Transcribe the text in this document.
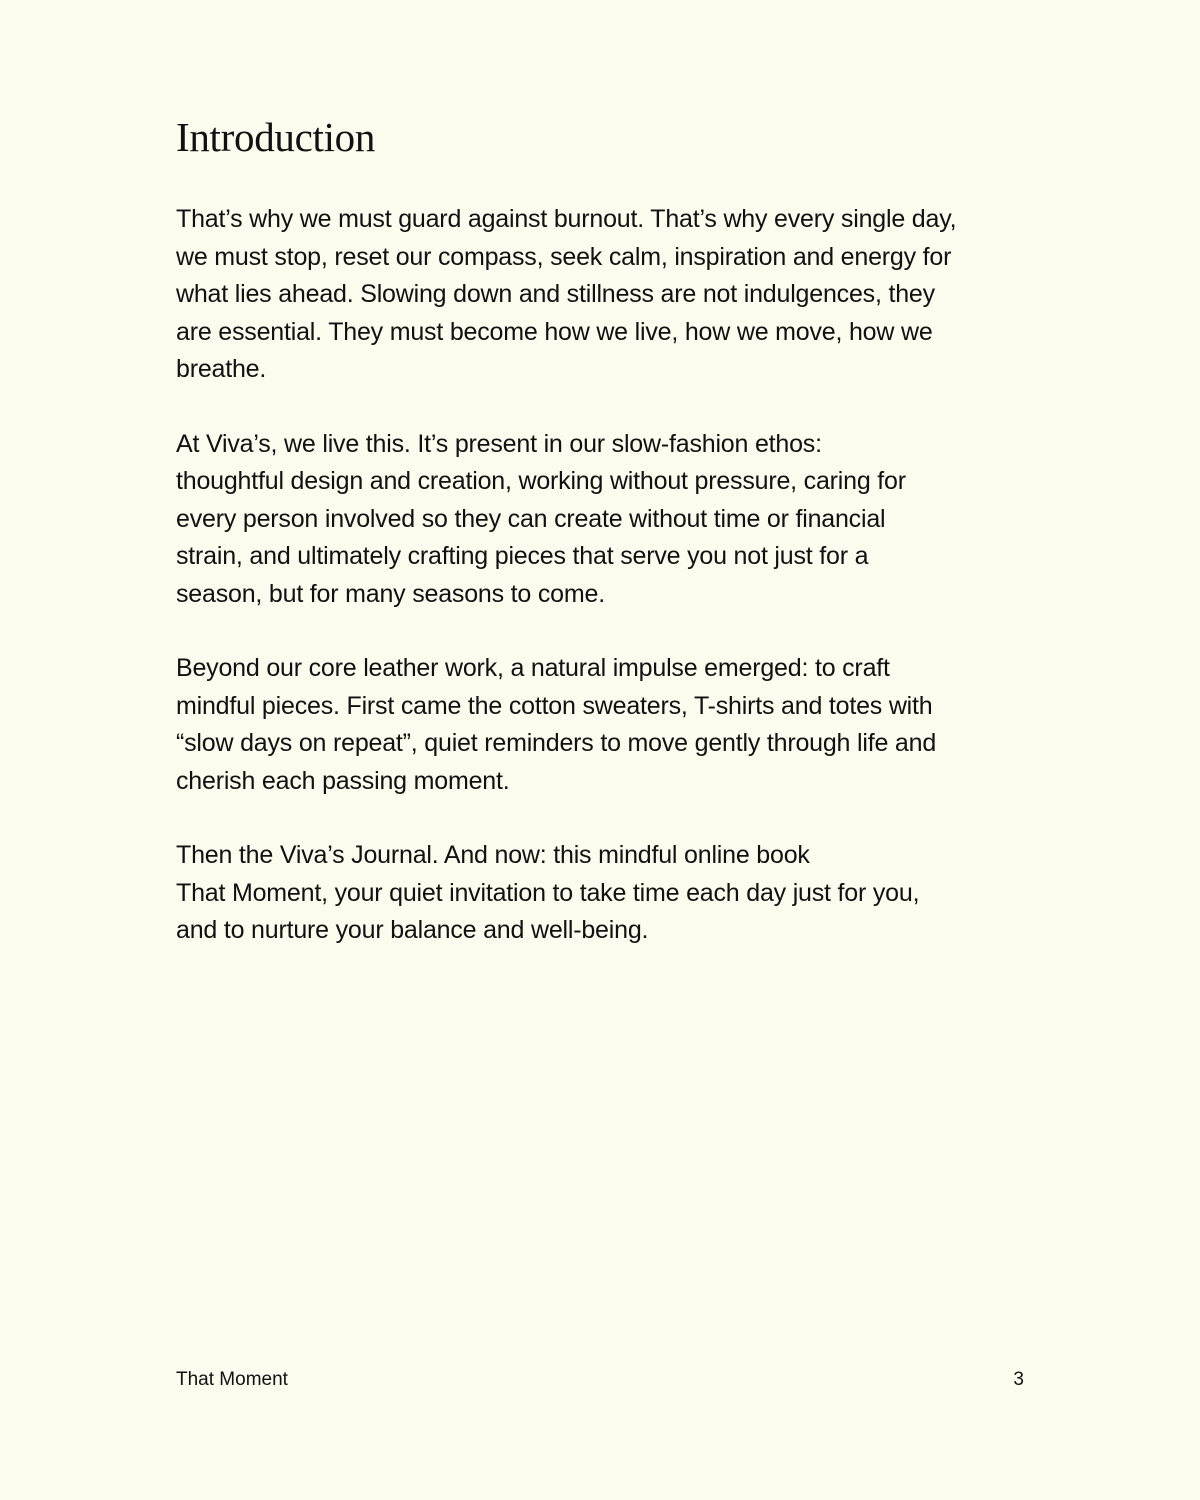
Introduction

That’s why we must guard against burnout. That’s why every single day,
we must stop, reset our compass, seek calm, inspiration and energy for
what lies ahead. Slowing down and stillness are not indulgences, they
are essential. They must become how we live, how we move, how we
breathe.

At Viva’s, we live this. It’s present in our slow-fashion ethos:
thoughtful design and creation, working without pressure, caring for
every person involved so they can create without time or financial
strain, and ultimately crafting pieces that serve you not just for a
season, but for many seasons to come.

Beyond our core leather work, a natural impulse emerged: to craft
mindful pieces. First came the cotton sweaters, T-shirts and totes with
“slow days on repeat”, quiet reminders to move gently through life and
cherish each passing moment.

Then the Viva’s Journal. And now: this mindful online book
That Moment, your quiet invitation to take time each day just for you,
and to nurture your balance and well-being.

That Moment	3
